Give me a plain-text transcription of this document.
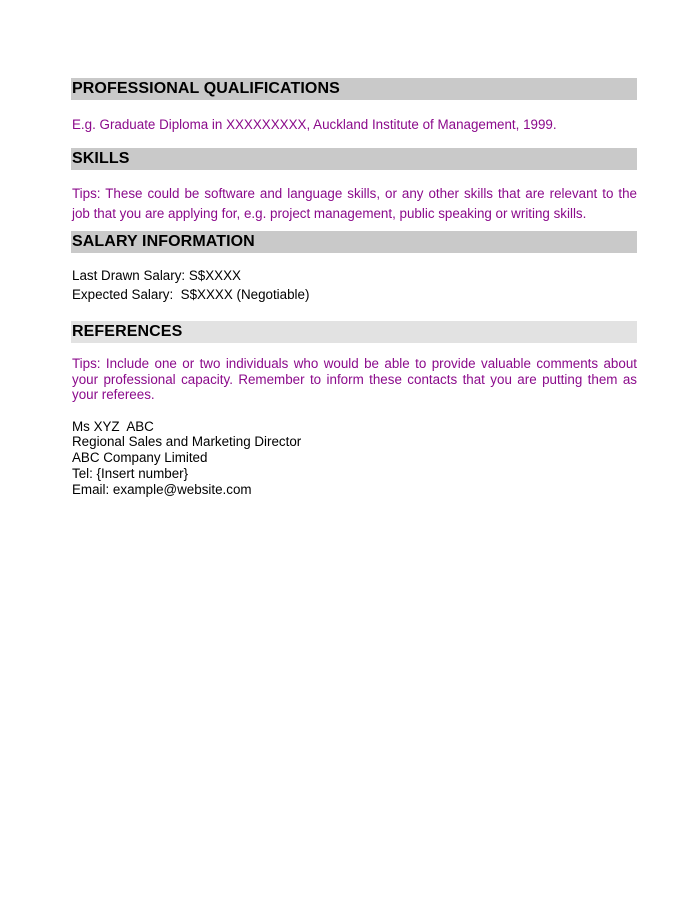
PROFESSIONAL QUALIFICATIONS

E.g. Graduate Diploma in XXXXXXXXX, Auckland Institute of Management, 1999.

SKILLS

Tips: These could be software and language skills, or any other skills that are relevant to the job that you are applying for, e.g. project management, public speaking or writing skills.

SALARY INFORMATION
Last Drawn Salary: S$XXXX
Expected Salary:  S$XXXX (Negotiable)
REFERENCES

Tips: Include one or two individuals who would be able to provide valuable comments about your professional capacity. Remember to inform these contacts that you are putting them as your referees.

Ms XYZ  ABC
Regional Sales and Marketing Director
ABC Company Limited
Tel: {Insert number}
Email: example@website.com
